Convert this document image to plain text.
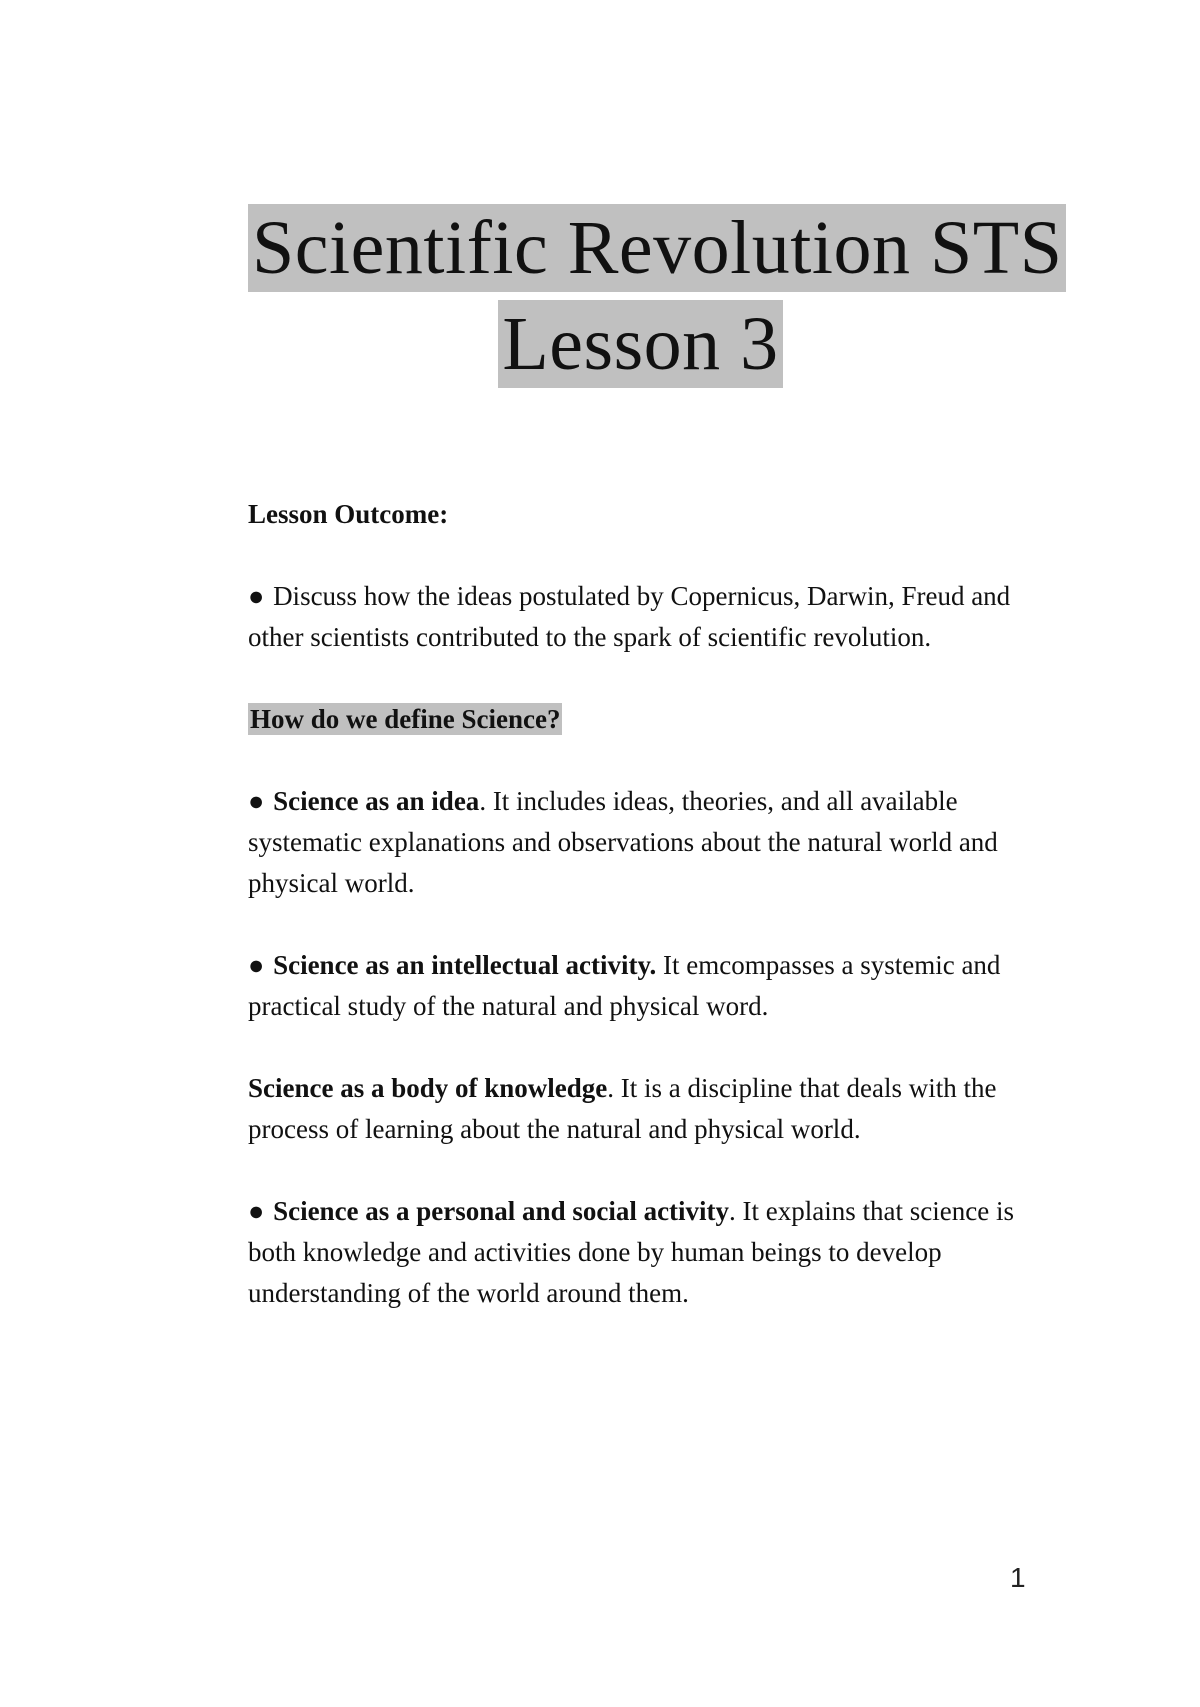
Scientific Revolution STS
Lesson 3

Lesson Outcome:

● Discuss how the ideas postulated by Copernicus, Darwin, Freud and other scientists contributed to the spark of scientific revolution.

How do we define Science?

● Science as an idea. It includes ideas, theories, and all available systematic explanations and observations about the natural world and physical world.

● Science as an intellectual activity. It emcompasses a systemic and practical study of the natural and physical word.

Science as a body of knowledge. It is a discipline that deals with the process of learning about the natural and physical world.

● Science as a personal and social activity. It explains that science is both knowledge and activities done by human beings to develop understanding of the world around them.

1
